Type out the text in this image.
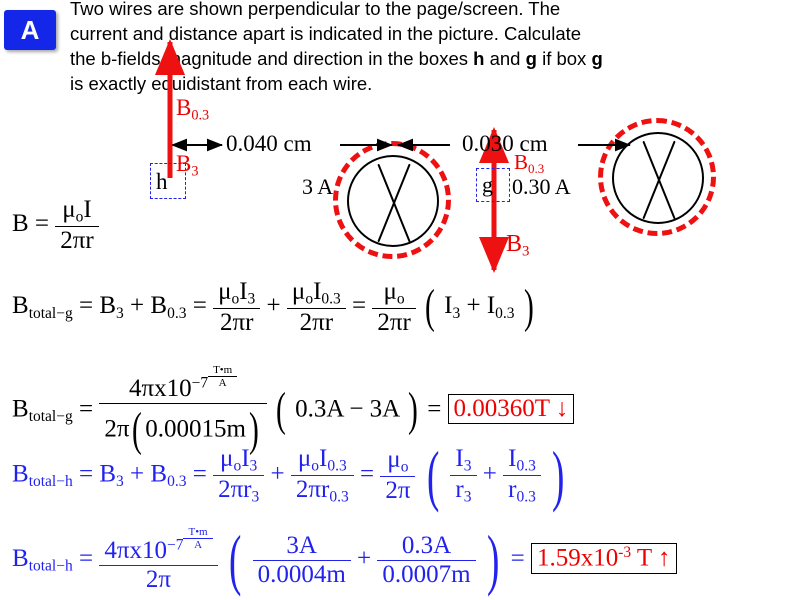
A
Two wires are shown perpendicular to the page/screen. The
current and distance apart is indicated in the picture. Calculate
the b-fields magnitude and direction in the boxes h and g if box g
is exactly equidistant from each wire.
0.040 cm	0.030 cm
3 A	0.30 A
h	g
$B_{0.3}$
$B_3$	$B_{0.3}$
$B_3$
$B = \frac{\mu_oI}{2\pi r}$
$B_{total-g} = B_3 + B_{0.3} = \frac{\mu_oI_3}{2\pi r} + \frac{\mu_oI_{0.3}}{2\pi r} = \frac{\mu_o}{2\pi r}$ ( $I_3 + I_{0.3}$ )
$B_{total-g} = \frac{4\pi x10^{-7} \frac{T•m}{A}}{2\pi( 0.00015m)}$ ( 0.3A − 3A ) = 0.00360T ↓
$B_{total-h} = B_3 + B_{0.3} = \frac{\mu_oI_3}{2\pi r_3} + \frac{\mu_oI_{0.3}}{2\pi r_{0.3}} = \frac{\mu_o}{2\pi}$ ( $\frac{I_3}{r_3} + \frac{I_{0.3}}{r_{0.3}}$ )
$B_{total-h} = \frac{4\pi x10^{-7} \frac{T•m}{A}}{2\pi}$ ( $\frac{3A}{0.0004m} + \frac{0.3A}{0.0007m}$ ) = $1.59x10^{-3}$ T ↑
